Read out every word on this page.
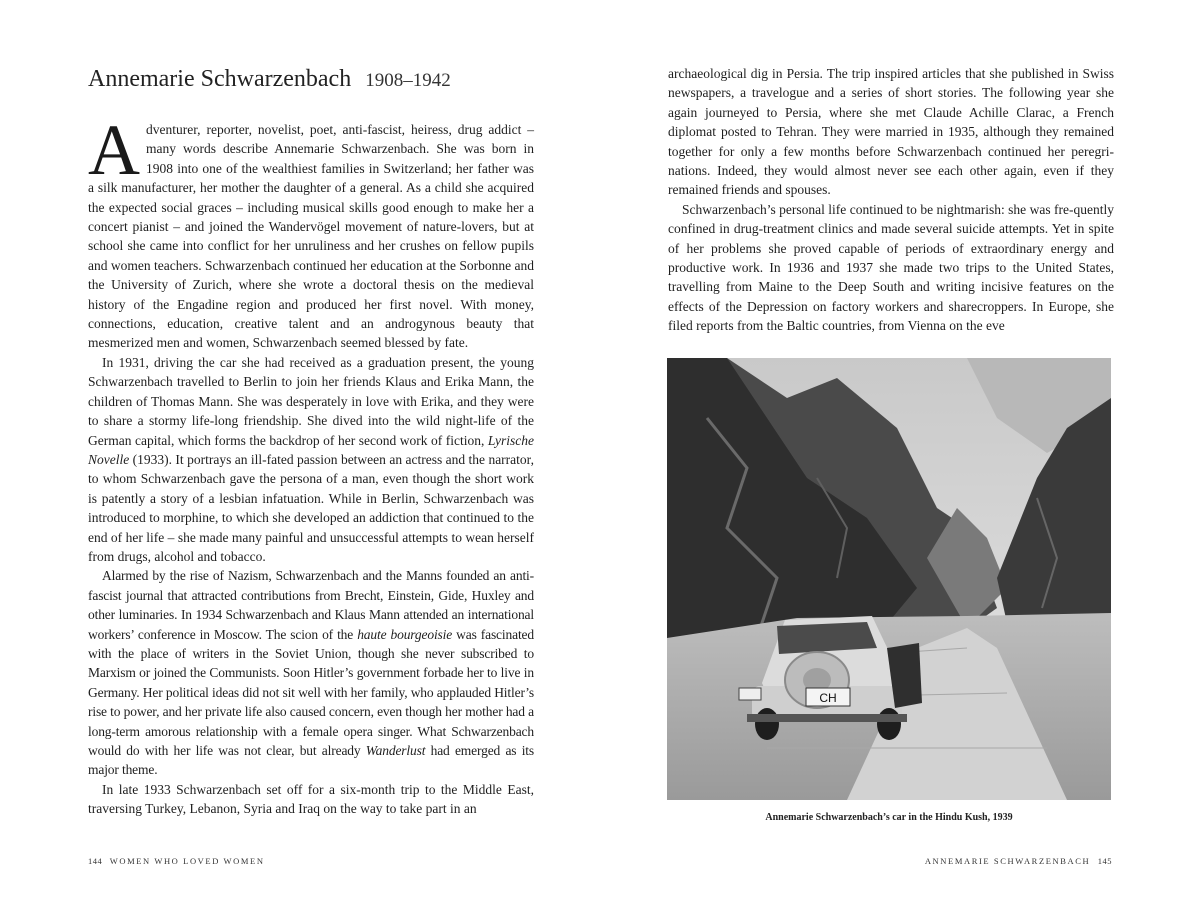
Annemarie Schwarzenbach 1908–1942

Adventurer, reporter, novelist, poet, anti-fascist, heiress, drug addict – many words describe Annemarie Schwarzenbach. She was born in 1908 into one of the wealthiest families in Switzerland; her father was a silk manufacturer, her mother the daughter of a general. As a child she acquired the expected social graces – including musical skills good enough to make her a concert pianist – and joined the Wandervögel movement of nature-lovers, but at school she came into conflict for her unruliness and her crushes on fellow pupils and women teachers. Schwarzenbach continued her education at the Sorbonne and the University of Zurich, where she wrote a doctoral thesis on the medieval history of the Engadine region and produced her first novel. With money, connections, education, creative talent and an androgynous beauty that mesmerized men and women, Schwarzenbach seemed blessed by fate.

In 1931, driving the car she had received as a graduation present, the young Schwarzenbach travelled to Berlin to join her friends Klaus and Erika Mann, the children of Thomas Mann. She was desperately in love with Erika, and they were to share a stormy life-long friendship. She dived into the wild night-life of the German capital, which forms the backdrop of her second work of fiction, Lyrische Novelle (1933). It portrays an ill-fated passion between an actress and the narrator, to whom Schwarzenbach gave the persona of a man, even though the short work is patently a story of a lesbian infatuation. While in Berlin, Schwarzenbach was introduced to morphine, to which she developed an addiction that continued to the end of her life – she made many painful and unsuccessful attempts to wean herself from drugs, alcohol and tobacco.

Alarmed by the rise of Nazism, Schwarzenbach and the Manns founded an anti-fascist journal that attracted contributions from Brecht, Einstein, Gide, Huxley and other luminaries. In 1934 Schwarzenbach and Klaus Mann attended an international workers’ conference in Moscow. The scion of the haute bourgeoisie was fascinated with the place of writers in the Soviet Union, though she never subscribed to Marxism or joined the Communists. Soon Hitler’s government forbade her to live in Germany. Her political ideas did not sit well with her family, who applauded Hitler’s rise to power, and her private life also caused concern, even though her mother had a long-term amorous relationship with a female opera singer. What Schwarzenbach would do with her life was not clear, but already Wanderlust had emerged as its major theme.

In late 1933 Schwarzenbach set off for a six-month trip to the Middle East, traversing Turkey, Lebanon, Syria and Iraq on the way to take part in an

144 WOMEN WHO LOVED WOMEN

archaeological dig in Persia. The trip inspired articles that she published in Swiss newspapers, a travelogue and a series of short stories. The following year she again journeyed to Persia, where she met Claude Achille Clarac, a French diplomat posted to Tehran. They were married in 1935, although they remained together for only a few months before Schwarzenbach continued her peregri-nations. Indeed, they would almost never see each other again, even if they remained friends and spouses.

Schwarzenbach’s personal life continued to be nightmarish: she was fre-quently confined in drug-treatment clinics and made several suicide attempts. Yet in spite of her problems she proved capable of periods of extraordinary energy and productive work. In 1936 and 1937 she made two trips to the United States, travelling from Maine to the Deep South and writing incisive features on the effects of the Depression on factory workers and sharecroppers. In Europe, she filed reports from the Baltic countries, from Vienna on the eve

CH
Annemarie Schwarzenbach’s car in the Hindu Kush, 1939
ANNEMARIE SCHWARZENBACH 145
